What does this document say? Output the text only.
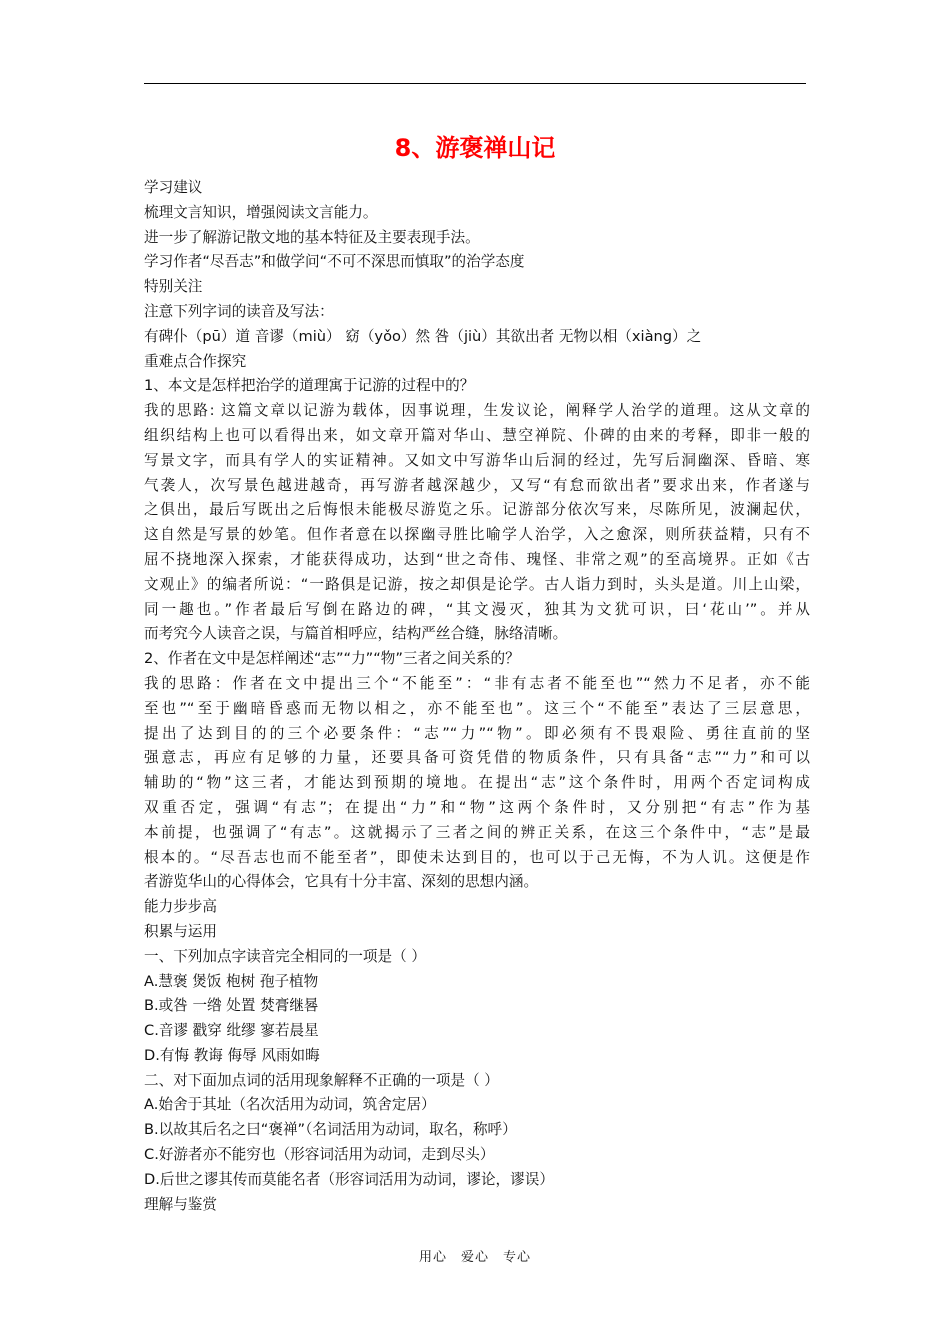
8、游褒禅山记
学习建议
梳理文言知识，增强阅读文言能力。
进一步了解游记散文地的基本特征及主要表现手法。
学习作者“尽吾志”和做学问“不可不深思而慎取”的治学态度
特别关注
注意下列字词的读音及写法：
有碑仆（pū）道 音谬（miù） 窈（yǒo）然 咎（jiù）其欲出者 无物以相（xiàng）之
重难点合作探究
1、本文是怎样把治学的道理寓于记游的过程中的？
我的思路: 这篇文章以记游为载体，因事说理，生发议论，阐释学人治学的道理。这从文章的
组织结构上也可以看得出来，如文章开篇对华山、慧空禅院、仆碑的由来的考释，即非一般的
写景文字，而具有学人的实证精神。又如文中写游华山后洞的经过，先写后洞幽深、昏暗、寒
气袭人，次写景色越进越奇，再写游者越深越少，又写“有怠而欲出者”要求出来，作者遂与
之俱出，最后写既出之后悔恨未能极尽游览之乐。记游部分依次写来，尽陈所见，波澜起伏，
这自然是写景的妙笔。但作者意在以探幽寻胜比喻学人治学，入之愈深，则所获益精，只有不
屈不挠地深入探索，才能获得成功，达到“世之奇伟、瑰怪、非常之观”的至高境界。正如《古
文观止》的编者所说：“一路俱是记游，按之却俱是论学。古人诣力到时，头头是道。川上山梁，
同一趣也。”作者最后写倒在路边的碑，“其文漫灭，独其为文犹可识，曰‘花山’”。并从
而考究今人读音之误，与篇首相呼应，结构严丝合缝，脉络清晰。
2、作者在文中是怎样阐述“志”“力”“物”三者之间关系的？
我的思路：作者在文中提出三个“不能至”：“非有志者不能至也”“然力不足者，亦不能
至也”“至于幽暗昏惑而无物以相之，亦不能至也”。这三个“不能至”表达了三层意思，
提出了达到目的的三个必要条件：“志”“力”“物”。即必须有不畏艰险、勇往直前的坚
强意志，再应有足够的力量，还要具备可资凭借的物质条件，只有具备“志”“力”和可以
辅助的“物”这三者，才能达到预期的境地。在提出“志”这个条件时，用两个否定词构成
双重否定，强调“有志”；在提出“力”和“物”这两个条件时，又分别把“有志”作为基
本前提，也强调了“有志”。这就揭示了三者之间的辨正关系，在这三个条件中，“志”是最
根本的。“尽吾志也而不能至者”，即使未达到目的，也可以于己无悔，不为人讥。这便是作
者游览华山的心得体会，它具有十分丰富、深刻的思想内涵。
能力步步高
积累与运用
一、下列加点字读音完全相同的一项是（ ）
A.慧褒 煲饭 枹树 孢子植物
B.或咎 一绺 处置 焚膏继晷
C.音谬 戳穿 纰缪 寥若晨星
D.有悔 教诲 侮辱 风雨如晦
二、对下面加点词的活用现象解释不正确的一项是（ ）
A.始舍于其址（名次活用为动词，筑舍定居）
B.以故其后名之曰“褒禅”（名词活用为动词，取名，称呼）
C.好游者亦不能穷也（形容词活用为动词，走到尽头）
D.后世之谬其传而莫能名者（形容词活用为动词，谬论，谬误）
理解与鉴赏
用心　爱心　专心
